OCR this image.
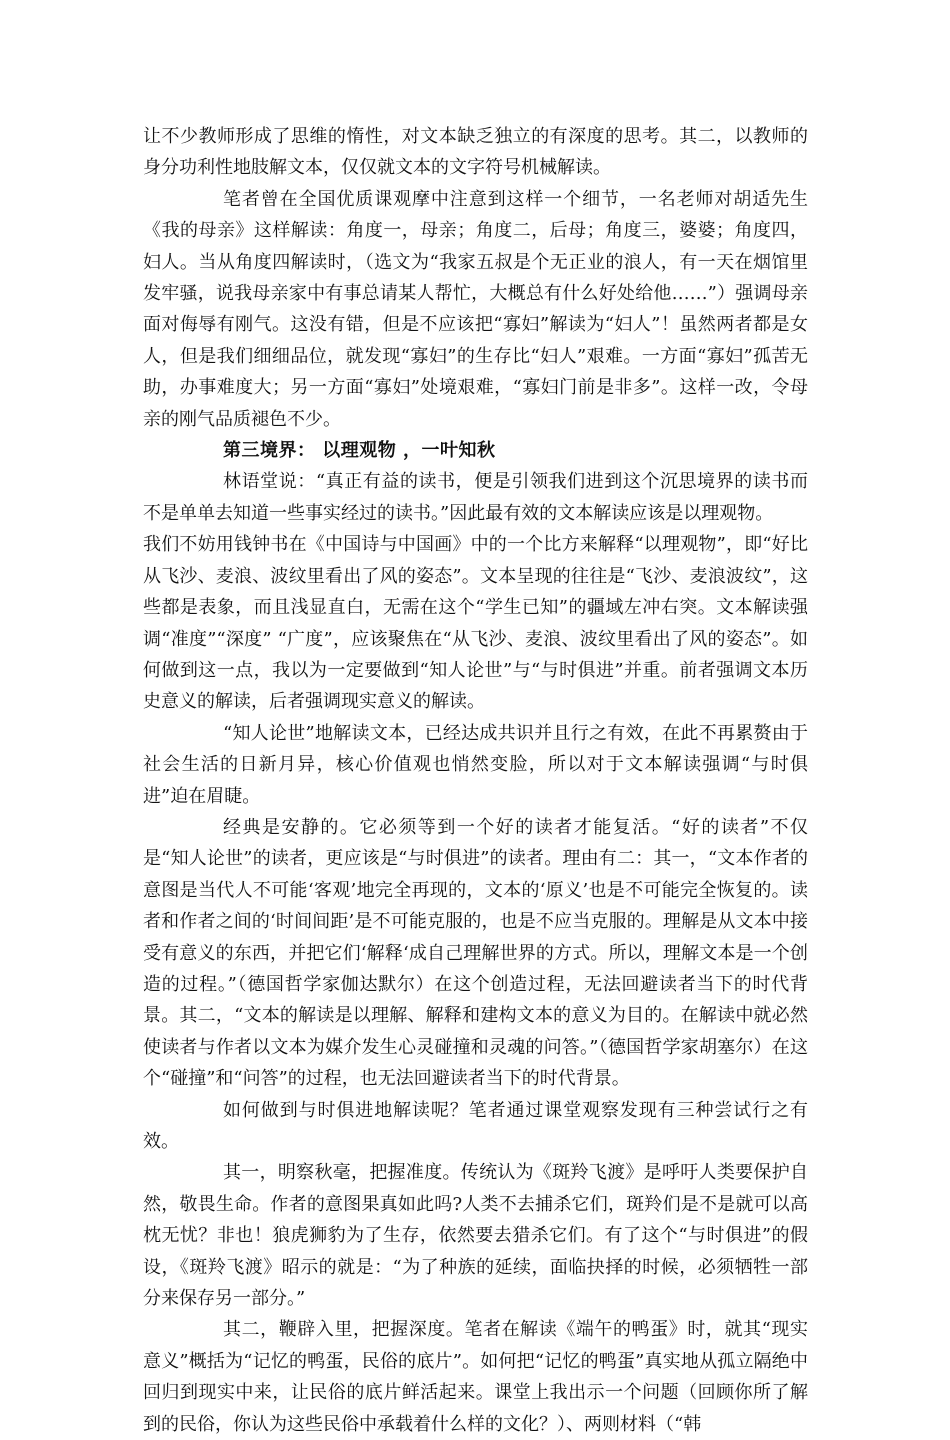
让不少教师形成了思维的惰性，对文本缺乏独立的有深度的思考。其二，以教师的身分功利性地肢解文本，仅仅就文本的文字符号机械解读。

笔者曾在全国优质课观摩中注意到这样一个细节，一名老师对胡适先生《我的母亲》这样解读：角度一，母亲；角度二，后母；角度三，婆婆；角度四，妇人。当从角度四解读时，（选文为“我家五叔是个无正业的浪人，有一天在烟馆里发牢骚，说我母亲家中有事总请某人帮忙，大概总有什么好处给他……”）强调母亲面对侮辱有刚气。这没有错，但是不应该把“寡妇”解读为“妇人”！虽然两者都是女人，但是我们细细品位，就发现“寡妇”的生存比“妇人”艰难。一方面“寡妇”孤苦无助，办事难度大；另一方面“寡妇”处境艰难，“寡妇门前是非多”。这样一改，令母亲的刚气品质褪色不少。

第三境界： 以理观物 ，一叶知秋

林语堂说：“真正有益的读书，便是引领我们进到这个沉思境界的读书而不是单单去知道一些事实经过的读书。”因此最有效的文本解读应该是以理观物。

我们不妨用钱钟书在《中国诗与中国画》中的一个比方来解释“以理观物”，即“好比从飞沙、麦浪、波纹里看出了风的姿态”。文本呈现的往往是“飞沙、麦浪波纹”，这些都是表象，而且浅显直白，无需在这个“学生已知”的疆域左冲右突。文本解读强调“准度”“深度” “广度”，应该聚焦在“从飞沙、麦浪、波纹里看出了风的姿态”。如何做到这一点，我以为一定要做到“知人论世”与“与时俱进”并重。前者强调文本历史意义的解读，后者强调现实意义的解读。

“知人论世”地解读文本，已经达成共识并且行之有效，在此不再累赘由于社会生活的日新月异，核心价值观也悄然变脸，所以对于文本解读强调“与时俱进”迫在眉睫。

经典是安静的。它必须等到一个好的读者才能复活。“好的读者”不仅是“知人论世”的读者，更应该是“与时俱进”的读者。理由有二：其一，“文本作者的意图是当代人不可能‘客观’地完全再现的，文本的‘原义’也是不可能完全恢复的。读者和作者之间的‘时间间距’是不可能克服的，也是不应当克服的。理解是从文本中接受有意义的东西，并把它们‘解释‘成自己理解世界的方式。所以，理解文本是一个创造的过程。”（德国哲学家伽达默尔）在这个创造过程，无法回避读者当下的时代背景。其二，“文本的解读是以理解、解释和建构文本的意义为目的。在解读中就必然使读者与作者以文本为媒介发生心灵碰撞和灵魂的问答。”（德国哲学家胡塞尔）在这个“碰撞”和“问答”的过程，也无法回避读者当下的时代背景。

如何做到与时俱进地解读呢？笔者通过课堂观察发现有三种尝试行之有效。

其一，明察秋毫，把握准度。传统认为《斑羚飞渡》是呼吁人类要保护自然，敬畏生命。作者的意图果真如此吗?人类不去捕杀它们，斑羚们是不是就可以高枕无忧？非也！狼虎狮豹为了生存，依然要去猎杀它们。有了这个“与时俱进”的假设，《斑羚飞渡》昭示的就是：“为了种族的延续，面临抉择的时候，必须牺牲一部分来保存另一部分。”

其二，鞭辟入里，把握深度。笔者在解读《端午的鸭蛋》时，就其“现实意义”概括为“记忆的鸭蛋，民俗的底片”。如何把“记忆的鸭蛋”真实地从孤立隔绝中回归到现实中来，让民俗的底片鲜活起来。课堂上我出示一个问题（回顾你所了解到的民俗，你认为这些民俗中承载着什么样的文化？）、两则材料（“韩
